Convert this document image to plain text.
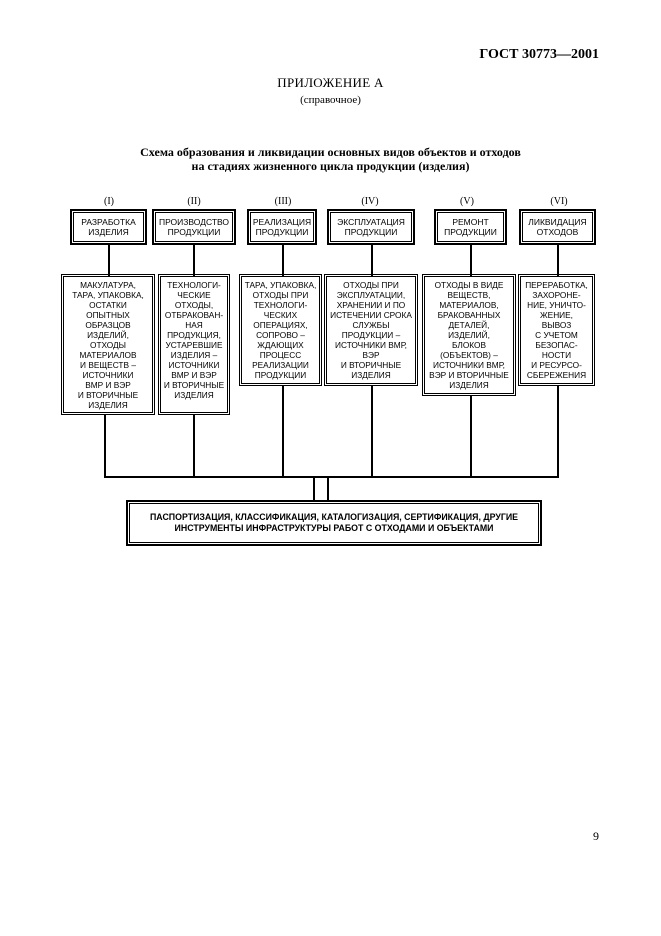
ГОСТ 30773—2001
ПРИЛОЖЕНИЕ А
(справочное)
Схема образования и ликвидации основных видов объектов и отходов
на стадиях жизненного цикла продукции (изделия)
(I)	(II)	(III)	(IV)	(V)	(VI)
РАЗРАБОТКА
ИЗДЕЛИЯ
ПРОИЗВОДСТВО
ПРОДУКЦИИ
РЕАЛИЗАЦИЯ
ПРОДУКЦИИ
ЭКСПЛУАТАЦИЯ
ПРОДУКЦИИ
РЕМОНТ
ПРОДУКЦИИ
ЛИКВИДАЦИЯ
ОТХОДОВ
МАКУЛАТУРА,
ТАРА, УПАКОВКА,
ОСТАТКИ
ОПЫТНЫХ
ОБРАЗЦОВ
ИЗДЕЛИЙ,
ОТХОДЫ
МАТЕРИАЛОВ
И ВЕЩЕСТВ –
ИСТОЧНИКИ
ВМР И ВЭР
И ВТОРИЧНЫЕ
ИЗДЕЛИЯ
ТЕХНОЛОГИ-
ЧЕСКИЕ
ОТХОДЫ,
ОТБРАКОВАН-
НАЯ
ПРОДУКЦИЯ,
УСТАРЕВШИЕ
ИЗДЕЛИЯ –
ИСТОЧНИКИ
ВМР И ВЭР
И ВТОРИЧНЫЕ
ИЗДЕЛИЯ
ТАРА, УПАКОВКА,
ОТХОДЫ ПРИ
ТЕХНОЛОГИ-
ЧЕСКИХ
ОПЕРАЦИЯХ,
СОПРОВО –
ЖДАЮЩИХ
ПРОЦЕСС
РЕАЛИЗАЦИИ
ПРОДУКЦИИ
ОТХОДЫ ПРИ
ЭКСПЛУАТАЦИИ,
ХРАНЕНИИ И ПО
ИСТЕЧЕНИИ СРОКА
СЛУЖБЫ
ПРОДУКЦИИ –
ИСТОЧНИКИ ВМР,
ВЭР
И ВТОРИЧНЫЕ
ИЗДЕЛИЯ
ОТХОДЫ В ВИДЕ
ВЕЩЕСТВ,
МАТЕРИАЛОВ,
БРАКОВАННЫХ
ДЕТАЛЕЙ,
ИЗДЕЛИЙ,
БЛОКОВ
(ОБЪЕКТОВ) –
ИСТОЧНИКИ ВМР,
ВЭР И ВТОРИЧНЫЕ
ИЗДЕЛИЯ
ПЕРЕРАБОТКА,
ЗАХОРОНЕ-
НИЕ, УНИЧТО-
ЖЕНИЕ,
ВЫВОЗ
С УЧЕТОМ
БЕЗОПАС-
НОСТИ
И РЕСУРСО-
СБЕРЕЖЕНИЯ
ПАСПОРТИЗАЦИЯ, КЛАССИФИКАЦИЯ, КАТАЛОГИЗАЦИЯ, СЕРТИФИКАЦИЯ, ДРУГИЕ
ИНСТРУМЕНТЫ ИНФРАСТРУКТУРЫ РАБОТ С ОТХОДАМИ И ОБЪЕКТАМИ
9
